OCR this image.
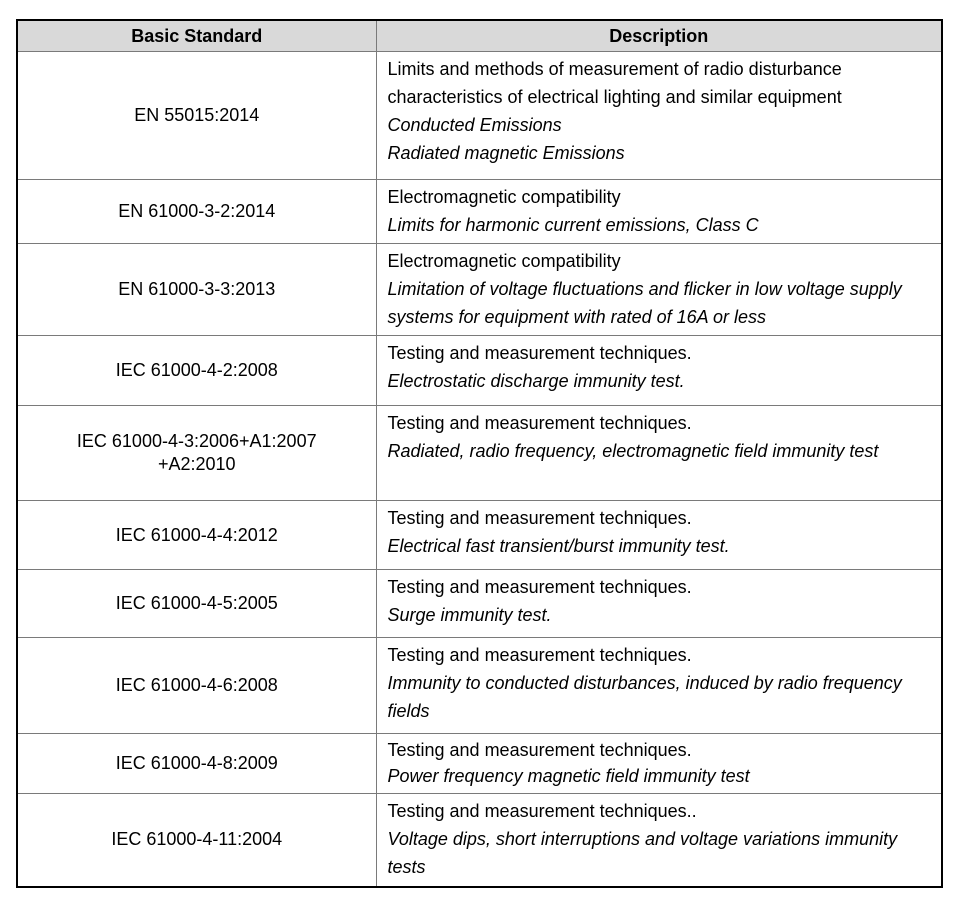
Basic Standard	Description

EN 55015:2014	Limits and methods of measurement of radio disturbance characteristics of electrical lighting and similar equipment
Conducted Emissions
Radiated magnetic Emissions

EN 61000-3-2:2014	Electromagnetic compatibility
Limits for harmonic current emissions, Class C

EN 61000-3-3:2013	Electromagnetic compatibility
Limitation of voltage fluctuations and flicker in low voltage supply systems for equipment with rated of 16A or less

IEC 61000-4-2:2008	Testing and measurement techniques.
Electrostatic discharge immunity test.

IEC 61000-4-3:2006+A1:2007
+A2:2010	Testing and measurement techniques.
Radiated, radio frequency, electromagnetic field immunity test

IEC 61000-4-4:2012	Testing and measurement techniques.
Electrical fast transient/burst immunity test.

IEC 61000-4-5:2005	Testing and measurement techniques.
Surge immunity test.

IEC 61000-4-6:2008	Testing and measurement techniques.
Immunity to conducted disturbances, induced by radio frequency fields

IEC 61000-4-8:2009	Testing and measurement techniques.
Power frequency magnetic field immunity test

IEC 61000-4-11:2004	Testing and measurement techniques..
Voltage dips, short interruptions and voltage variations immunity tests
